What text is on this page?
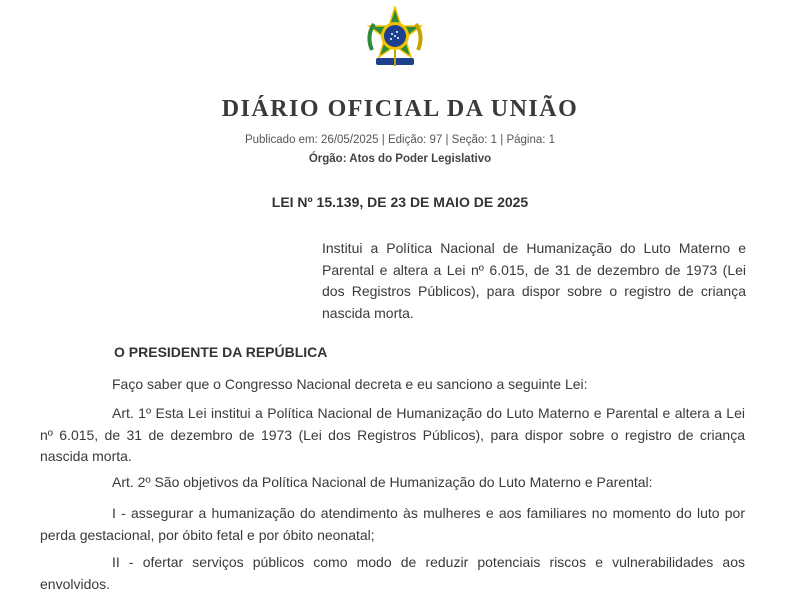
DIÁRIO OFICIAL DA UNIÃO
Publicado em: 26/05/2025 | Edição: 97 | Seção: 1 | Página: 1
Órgão: Atos do Poder Legislativo
LEI Nº 15.139, DE 23 DE MAIO DE 2025
Institui a Política Nacional de Humanização do Luto Materno e Parental e altera a Lei nº 6.015, de 31 de dezembro de 1973 (Lei dos Registros Públicos), para dispor sobre o registro de criança nascida morta.
O PRESIDENTE DA REPÚBLICA

Faço saber que o Congresso Nacional decreta e eu sanciono a seguinte Lei:

Art. 1º Esta Lei institui a Política Nacional de Humanização do Luto Materno e Parental e altera a Lei nº 6.015, de 31 de dezembro de 1973 (Lei dos Registros Públicos), para dispor sobre o registro de criança nascida morta.

Art. 2º São objetivos da Política Nacional de Humanização do Luto Materno e Parental:

I - assegurar a humanização do atendimento às mulheres e aos familiares no momento do luto por perda gestacional, por óbito fetal e por óbito neonatal;

II - ofertar serviços públicos como modo de reduzir potenciais riscos e vulnerabilidades aos envolvidos.
